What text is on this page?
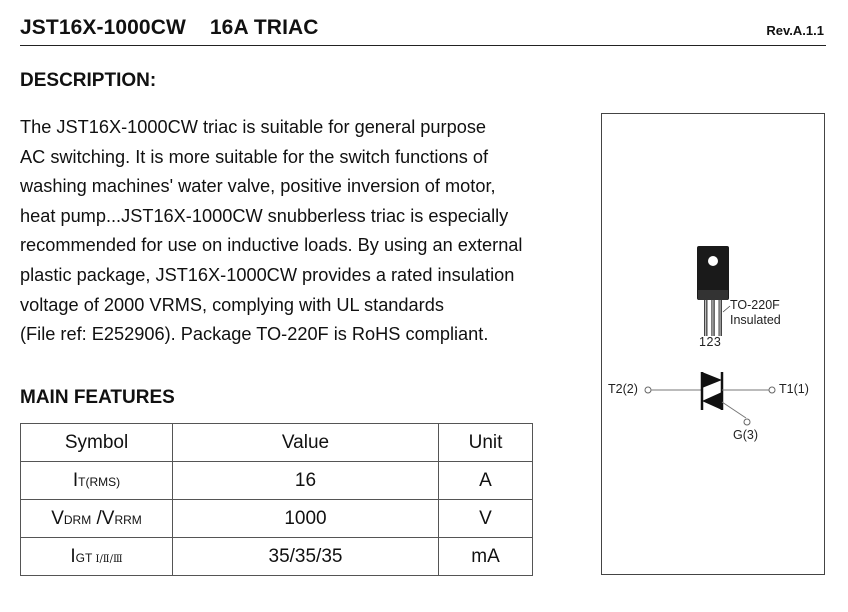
JST16X-1000CW 16A TRIAC	Rev.A.1.1
DESCRIPTION:
The JST16X-1000CW triac is suitable for general purpose
AC switching. It is more suitable for the switch functions of
washing machines' water valve, positive inversion of motor,
heat pump...JST16X-1000CW snubberless triac is especially
recommended for use on inductive loads. By using an external
plastic package, JST16X-1000CW provides a rated insulation
voltage of 2000 VRMS, complying with UL standards
(File ref: E252906). Package TO-220F is RoHS compliant.
MAIN FEATURES
Symbol	Value	Unit
IT(RMS)	16	A
VDRM /VRRM	1000	V
IGT Ⅰ/Ⅱ/Ⅲ	35/35/35	mA
TO-220F
Insulated
123
T2(2)	T1(1)
G(3)
